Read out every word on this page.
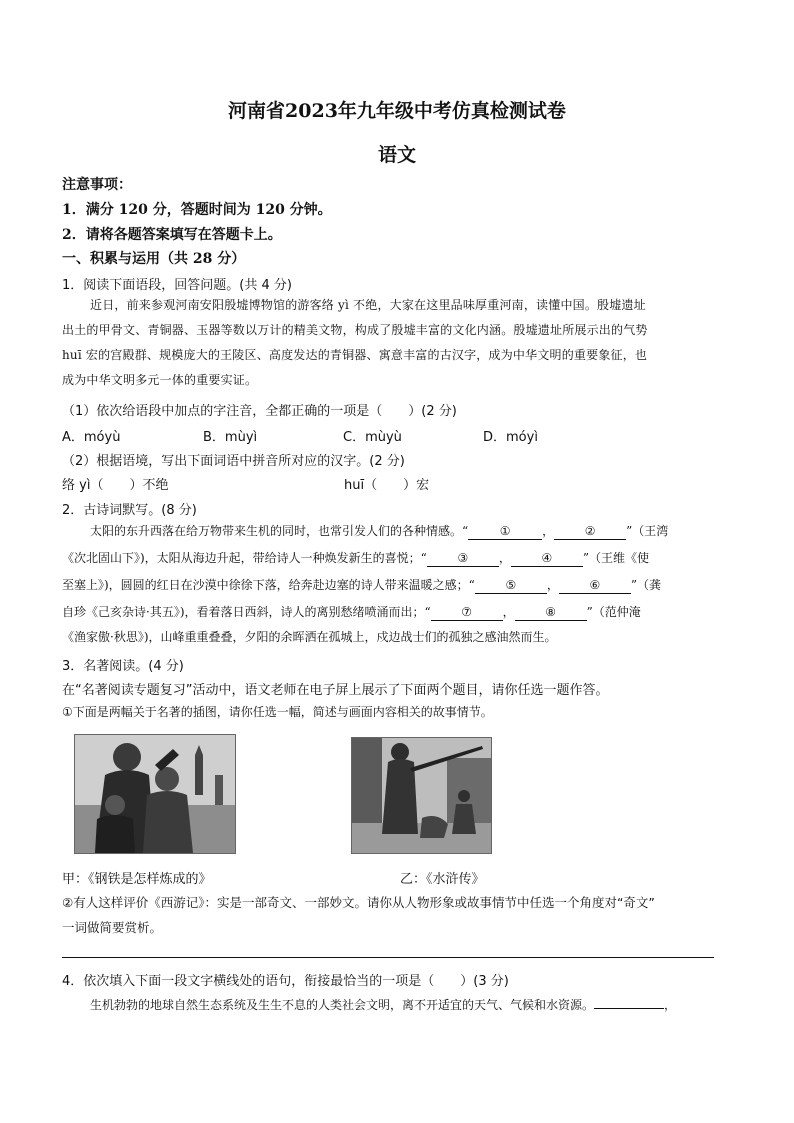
河南省2023年九年级中考仿真检测试卷
语文
注意事项：
1．满分 120 分，答题时间为 120 分钟。
2．请将各题答案填写在答题卡上。
一、积累与运用（共 28 分）
1．阅读下面语段，回答问题。(共 4 分)
近日，前来参观河南安阳殷墟博物馆的游客络 yì 不绝，大家在这里品味厚重河南，读懂中国。殷墟遗址
出土的甲骨文、青铜器、玉器等数以万计的精美文物，构成了殷墟丰富的文化内涵。殷墟遗址所展示出的气势
huī 宏的宫殿群、规模庞大的王陵区、高度发达的青铜器、寓意丰富的古汉字，成为中华文明的重要象征，也
成为中华文明多元一体的重要实证。
（1）依次给语段中加点的字注音，全都正确的一项是（　　）(2 分)
A．móyù	B．mùyì	C．mùyù	D．móyì
（2）根据语境，写出下面词语中拼音所对应的汉字。(2 分)
络 yì（　　）不绝	huī（　　）宏
2．古诗词默写。(8 分)
太阳的东升西落在给万物带来生机的同时，也常引发人们的各种情感。“	①	，	②	”（王湾
《次北固山下》)，太阳从海边升起，带给诗人一种焕发新生的喜悦；“	③	，	④	”（王维《使
至塞上》)，圆圆的红日在沙漠中徐徐下落，给奔赴边塞的诗人带来温暖之感；“	⑤	，	⑥	”（龚
自珍《己亥杂诗·其五》)，看着落日西斜，诗人的离别愁绪喷涌而出；“	⑦	，	⑧	”（范仲淹
《渔家傲·秋思》)，山峰重重叠叠，夕阳的余晖洒在孤城上，戍边战士们的孤独之感油然而生。
3．名著阅读。(4 分)
在“名著阅读专题复习”活动中，语文老师在电子屏上展示了下面两个题目，请你任选一题作答。
①下面是两幅关于名著的插图，请你任选一幅，简述与画面内容相关的故事情节。
甲：《钢铁是怎样炼成的》	乙：《水浒传》
②有人这样评价《西游记》：实是一部奇文、一部妙文。请你从人物形象或故事情节中任选一个角度对“奇文”
一词做简要赏析。
4．依次填入下面一段文字横线处的语句，衔接最恰当的一项是（　　）(3 分)
生机勃勃的地球自然生态系统及生生不息的人类社会文明，离不开适宜的天气、气候和水资源。	，
